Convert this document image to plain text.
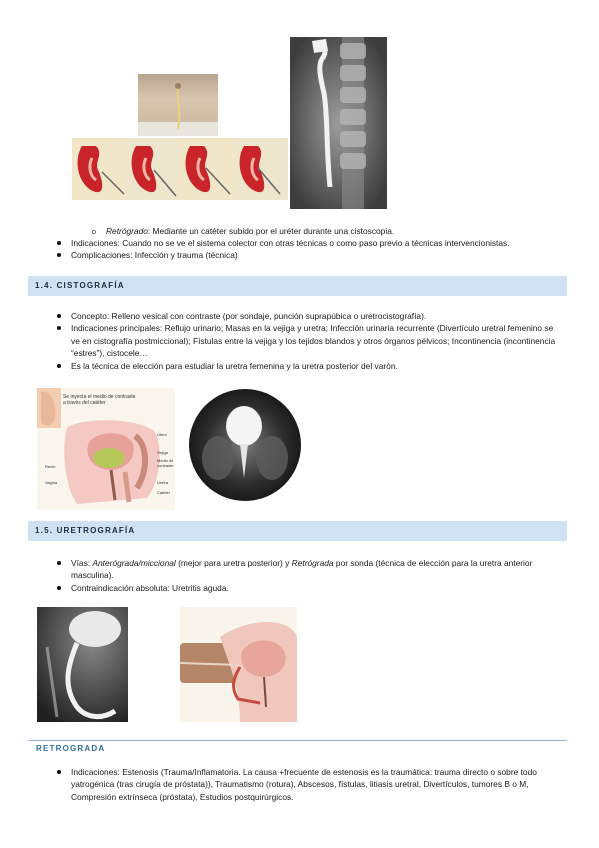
o Retrógrado: Mediante un catéter subido por el uréter durante una cistoscopia.
Indicaciones: Cuando no se ve el sistema colector con otras técnicas o como paso previo a técnicas intervencionistas.
Complicaciones: Infección y trauma (técnica)
1.4. CISTOGRAFÍA
Concepto: Relleno vesical con contraste (por sondaje, punción suprapúbica o uretrocistografía).
Indicaciones principales: Reflujo urinario; Masas en la vejiga y uretra; Infección urinaria recurrente (Divertículo uretral femenino se ve en cistografía postmiccional); Fístulas entre la vejiga y los tejidos blandos y otros órganos pélvicos; Incontinencia (incontinencia “estres”), cistocele…
Es la técnica de elección para estudiar la uretra femenina y la uretra posterior del varón.
Se inyecta el medio de contraste
a través del catéter
Útero
Vejiga
Medio de
contraste
Recto
Vagina	Uretra
Catéter
1.5. URETROGRAFÍA
Vías: Anterógrada/miccional (mejor para uretra posterior) y Retrógrada por sonda (técnica de elección para la uretra anterior masculina).
Contraindicación absoluta: Uretritis aguda.
RETROGRADA
Indicaciones: Estenosis (Trauma/Inflamatoria. La causa +frecuente de estenosis es la traumática: trauma directo o sobre todo yatrogénica (tras cirugía de próstata)), Traumatismo (rotura), Abscesos, fístulas, litiasis uretral, Divertículos, tumores B o M, Compresión extrínseca (próstata), Estudios postquirúrgicos.
